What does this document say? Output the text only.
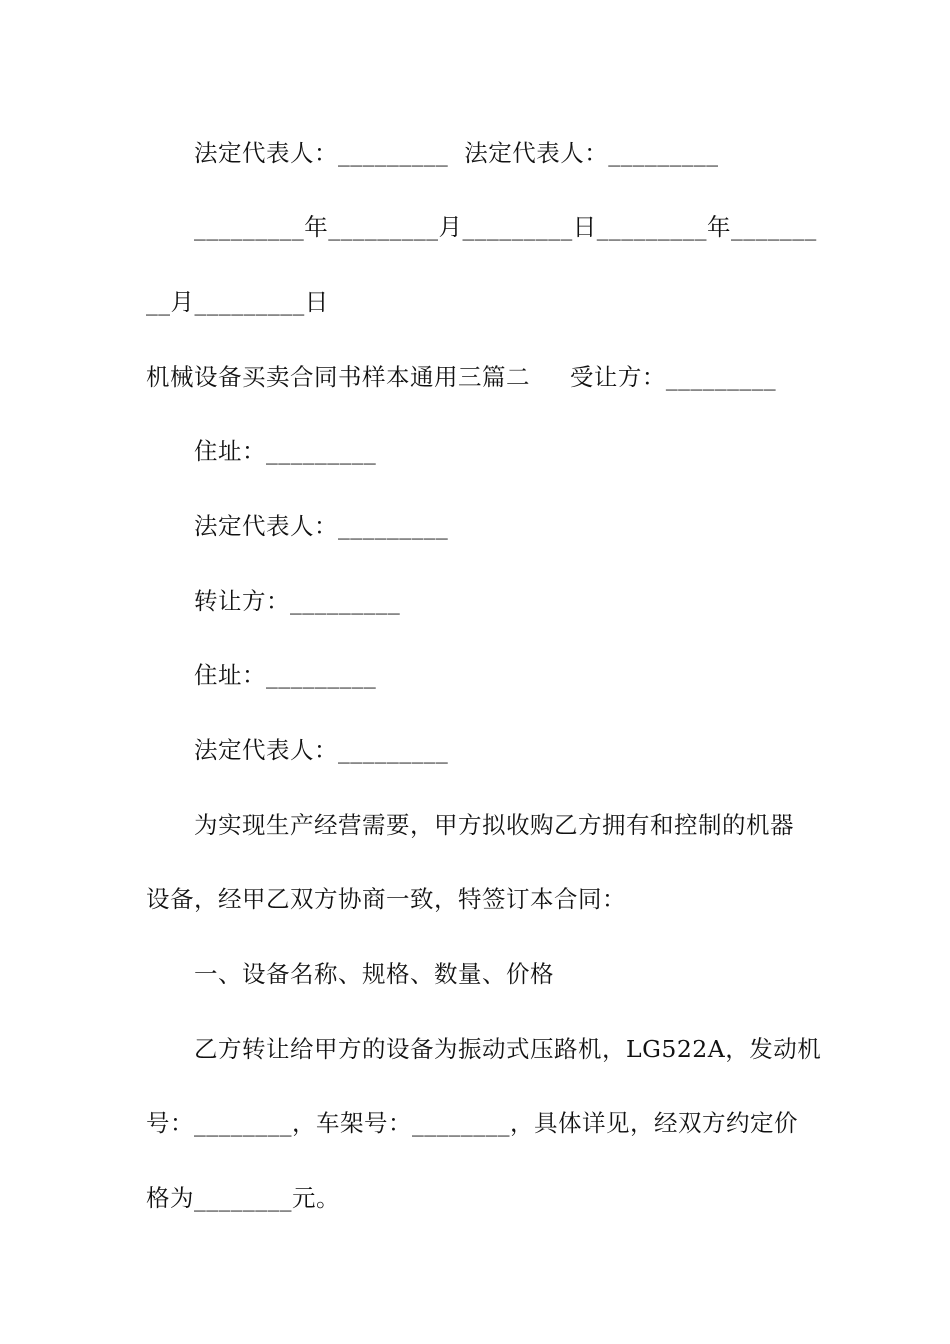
法定代表人：_________  法定代表人：_________
_________年_________月_________日_________年_______
__月_________日
机械设备买卖合同书样本通用三篇二     受让方：_________
住址：_________
法定代表人：_________
转让方：_________
住址：_________
法定代表人：_________
为实现生产经营需要，甲方拟收购乙方拥有和控制的机器
设备，经甲乙双方协商一致，特签订本合同：
一、设备名称、规格、数量、价格
乙方转让给甲方的设备为振动式压路机，LG522A，发动机
号：________，车架号：________，具体详见，经双方约定价
格为________元。
